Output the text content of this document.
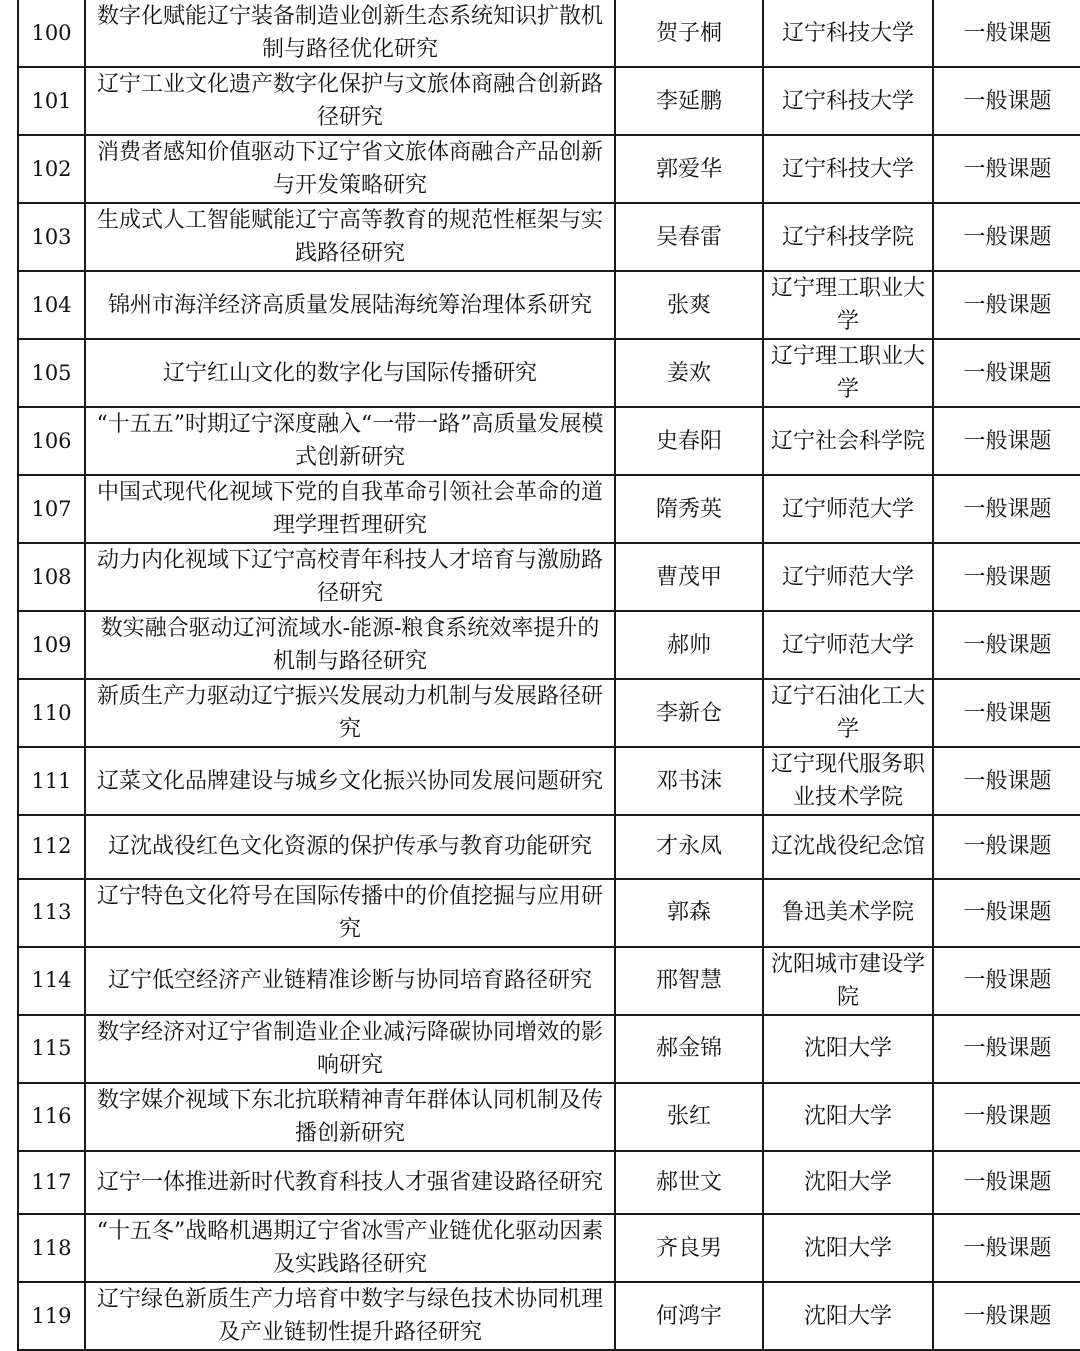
100	数字化赋能辽宁装备制造业创新生态系统知识扩散机制与路径优化研究	贺子桐	辽宁科技大学	一般课题
101	辽宁工业文化遗产数字化保护与文旅体商融合创新路径研究	李延鹏	辽宁科技大学	一般课题
102	消费者感知价值驱动下辽宁省文旅体商融合产品创新与开发策略研究	郭爱华	辽宁科技大学	一般课题
103	生成式人工智能赋能辽宁高等教育的规范性框架与实践路径研究	吴春雷	辽宁科技学院	一般课题
104	锦州市海洋经济高质量发展陆海统筹治理体系研究	张爽	辽宁理工职业大学	一般课题
105	辽宁红山文化的数字化与国际传播研究	姜欢	辽宁理工职业大学	一般课题
106	“十五五”时期辽宁深度融入“一带一路”高质量发展模式创新研究	史春阳	辽宁社会科学院	一般课题
107	中国式现代化视域下党的自我革命引领社会革命的道理学理哲理研究	隋秀英	辽宁师范大学	一般课题
108	动力内化视域下辽宁高校青年科技人才培育与激励路径研究	曹茂甲	辽宁师范大学	一般课题
109	数实融合驱动辽河流域水-能源-粮食系统效率提升的机制与路径研究	郝帅	辽宁师范大学	一般课题
110	新质生产力驱动辽宁振兴发展动力机制与发展路径研究	李新仓	辽宁石油化工大学	一般课题
111	辽菜文化品牌建设与城乡文化振兴协同发展问题研究	邓书沫	辽宁现代服务职业技术学院	一般课题
112	辽沈战役红色文化资源的保护传承与教育功能研究	才永凤	辽沈战役纪念馆	一般课题
113	辽宁特色文化符号在国际传播中的价值挖掘与应用研究	郭森	鲁迅美术学院	一般课题
114	辽宁低空经济产业链精准诊断与协同培育路径研究	邢智慧	沈阳城市建设学院	一般课题
115	数字经济对辽宁省制造业企业减污降碳协同增效的影响研究	郝金锦	沈阳大学	一般课题
116	数字媒介视域下东北抗联精神青年群体认同机制及传播创新研究	张红	沈阳大学	一般课题
117	辽宁一体推进新时代教育科技人才强省建设路径研究	郝世文	沈阳大学	一般课题
118	“十五冬”战略机遇期辽宁省冰雪产业链优化驱动因素及实践路径研究	齐良男	沈阳大学	一般课题
119	辽宁绿色新质生产力培育中数字与绿色技术协同机理及产业链韧性提升路径研究	何鸿宇	沈阳大学	一般课题
